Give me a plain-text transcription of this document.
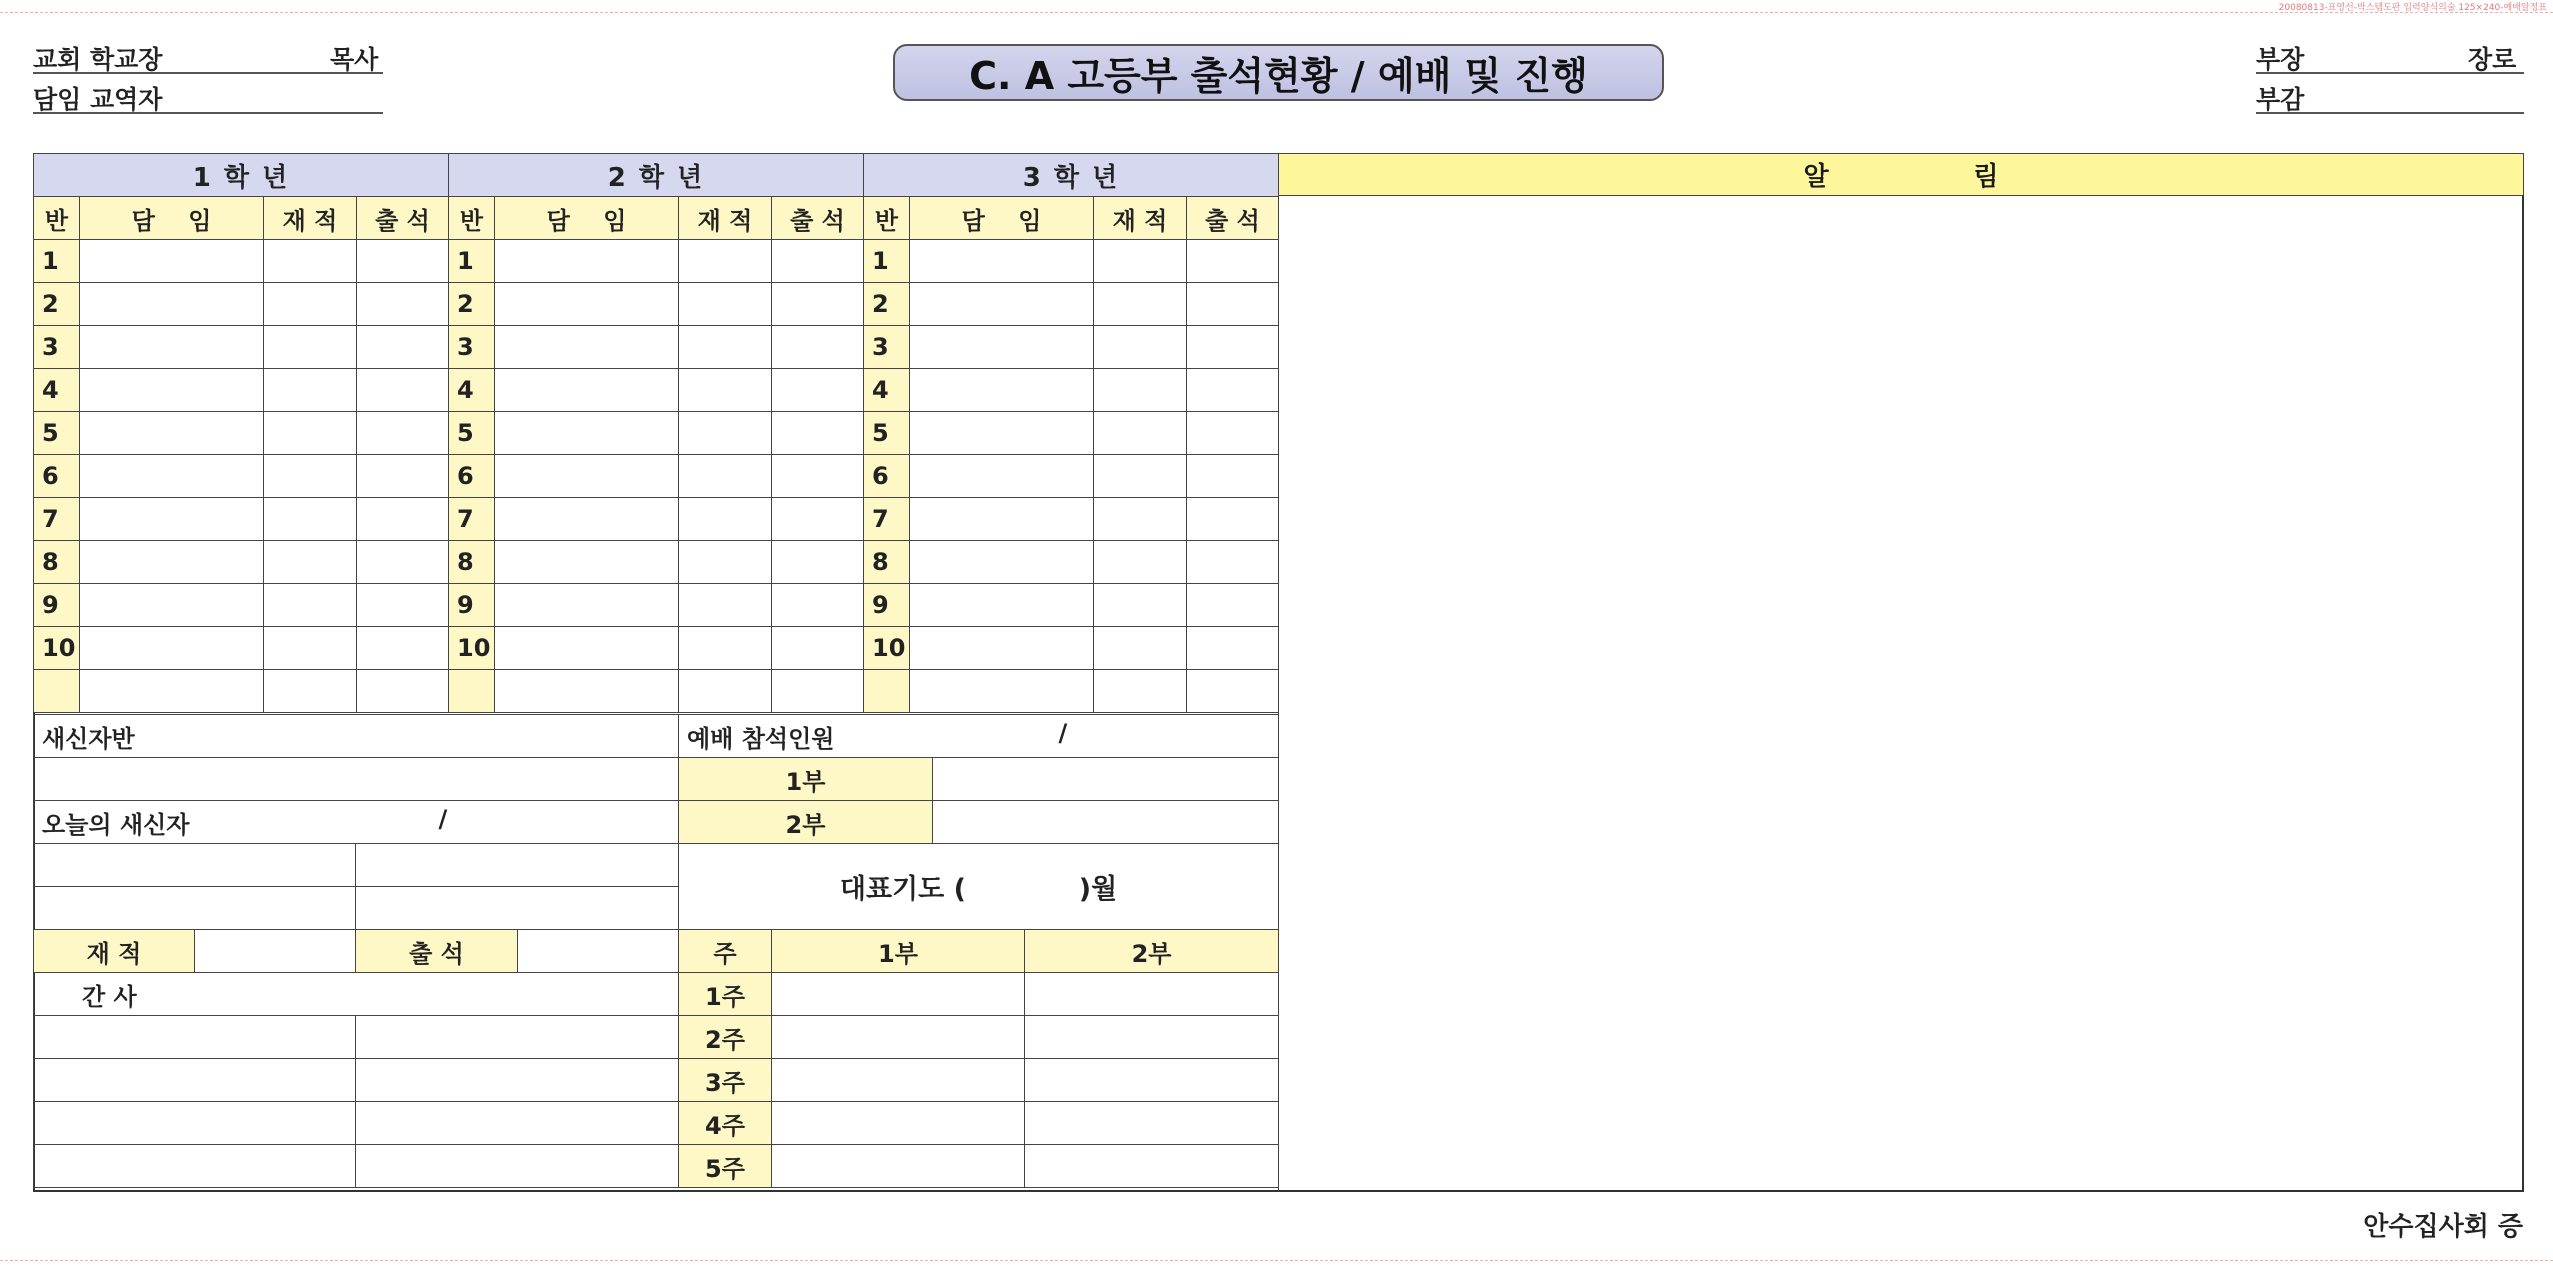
20080813-표영선-박스템도판 입력양식의술 125×240-예배알정표
교회 학교장	목사
담임 교역자
C. A 고등부 출석현황 / 예배 및 진행	부장	장로
부감
1 학 년				2 학 년				3 학 년			
반	담    임	재 적	출 석	반	담    임	재 적	출 석	반	담    임	재 적	출 석
1				1				1			
2				2				2			
3				3				3			
4				4				4			
5				5				5			
6				6				6			
7				7				7			
8				8				8			
9				9				9			
10				10				10			

알                림
새신자반			

오늘의 새신자 /			

재 적		출 석	
간 사			

예배 참석인원 /			

1부			
2부			
대표기도 (            )월			
주	1부		2부
1주			
2주			
3주			
4주			
5주			
안수집사회 증
